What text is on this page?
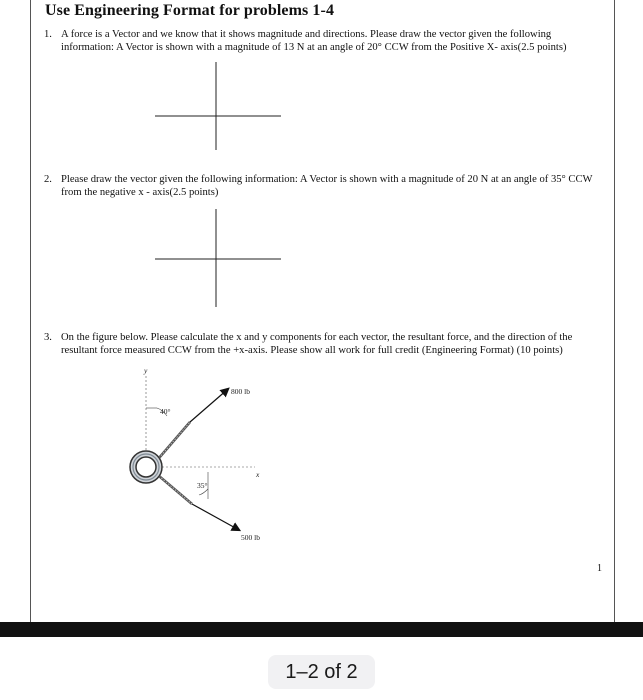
Use Engineering Format for problems 1-4
1. A force is a Vector and we know that it shows magnitude and directions. Please draw the vector given the following information: A Vector is shown with a magnitude of 13 N at an angle of 20° CCW from the Positive X- axis(2.5 points)
2. Please draw the vector given the following information: A Vector is shown with a magnitude of 20 N at an angle of 35° CCW from the negative x - axis(2.5 points)
3. On the figure below. Please calculate the x and y components for each vector, the resultant force, and the direction of the resultant force measured CCW from the +x-axis. Please show all work for full credit (Engineering Format) (10 points)
y
40°
x
800 lb
500 lb
35°
1
1–2 of 2
